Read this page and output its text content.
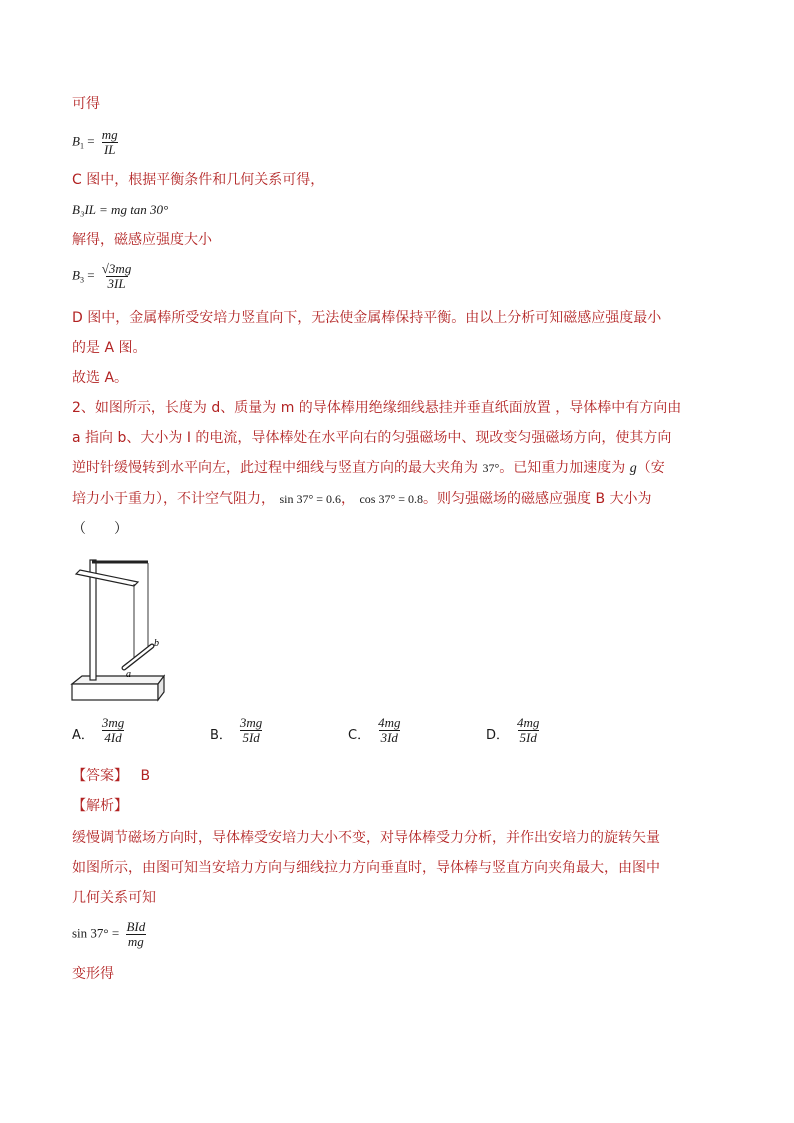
可得
$B_1 = \frac{mg}{IL}$
C 图中，根据平衡条件和几何关系可得，
B₃IL = mg tan 30°
解得，磁感应强度大小
$B_3 = \frac{√3mg}{3IL}$
D 图中，金属棒所受安培力竖直向下，无法使金属棒保持平衡。由以上分析可知磁感应强度最小
的是 A 图。
故选 A。
2、如图所示，长度为 d、质量为 m 的导体棒用绝缘细线悬挂并垂直纸面放置 ，导体棒中有方向由
a 指向 b、大小为 I 的电流，导体棒处在水平向右的匀强磁场中、现改变匀强磁场方向，使其方向
逆时针缓慢转到水平向左，此过程中细线与竖直方向的最大夹角为 37°。已知重力加速度为 g（安
培力小于重力），不计空气阻力， sin 37° = 0.6， cos 37° = 0.8。则匀强磁场的磁感应强度 B 大小为
（　　）
b
a
A． $\frac{3mg}{4Id}$	B． $\frac{3mg}{5Id}$	C． $\frac{4mg}{3Id}$	D． $\frac{4mg}{5Id}$
【答案】 B
【解析】
缓慢调节磁场方向时，导体棒受安培力大小不变，对导体棒受力分析，并作出安培力的旋转矢量
如图所示，由图可知当安培力方向与细线拉力方向垂直时，导体棒与竖直方向夹角最大，由图中
几何关系可知
$\sin 37^\circ = \frac{\text{BId}}{mg}$
变形得
